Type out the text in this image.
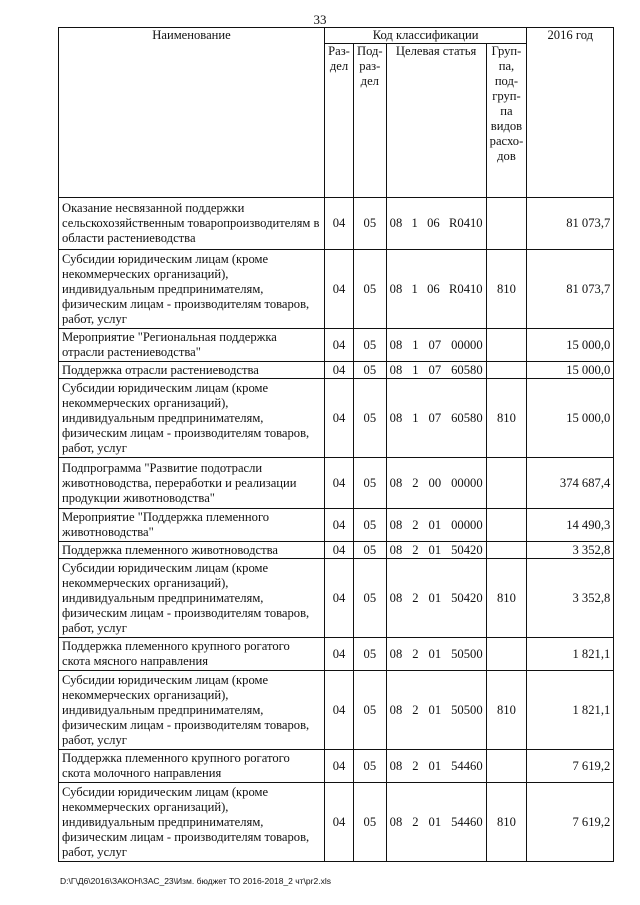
33
Наименование	Код классификации				2016 год
	Раз- дел	Под- раз- дел	Целевая статья	Груп- па, под- груп- па видов расхо- дов	
Оказание несвязанной поддержки сельскохозяйственным товаропроизводителям в области растениеводства	04	05	08 1 06 R0410		81 073,7
Субсидии юридическим лицам (кроме некоммерческих организаций), индивидуальным предпринимателям, физическим лицам - производителям товаров, работ, услуг	04	05	08 1 06 R0410	810	81 073,7
Мероприятие "Региональная поддержка отрасли растениеводства"	04	05	08 1 07 00000		15 000,0
Поддержка отрасли растениеводства	04	05	08 1 07 60580		15 000,0
Субсидии юридическим лицам (кроме некоммерческих организаций), индивидуальным предпринимателям, физическим лицам - производителям товаров, работ, услуг	04	05	08 1 07 60580	810	15 000,0
Подпрограмма "Развитие подотрасли животноводства, переработки и реализации продукции животноводства"	04	05	08 2 00 00000		374 687,4
Мероприятие "Поддержка племенного животноводства"	04	05	08 2 01 00000		14 490,3
Поддержка племенного животноводства	04	05	08 2 01 50420		3 352,8
Субсидии юридическим лицам (кроме некоммерческих организаций), индивидуальным предпринимателям, физическим лицам - производителям товаров, работ, услуг	04	05	08 2 01 50420	810	3 352,8
Поддержка племенного крупного рогатого скота мясного направления	04	05	08 2 01 50500		1 821,1
Субсидии юридическим лицам (кроме некоммерческих организаций), индивидуальным предпринимателям, физическим лицам - производителям товаров, работ, услуг	04	05	08 2 01 50500	810	1 821,1
Поддержка племенного крупного рогатого скота молочного направления	04	05	08 2 01 54460		7 619,2
Субсидии юридическим лицам (кроме некоммерческих организаций), индивидуальным предпринимателям, физическим лицам - производителям товаров, работ, услуг	04	05	08 2 01 54460	810	7 619,2
D:\Г\Д6\2016\ЗАКОН\ЗАС_23\Изм. бюджет ТО 2016-2018_2 чт\pr2.xls
